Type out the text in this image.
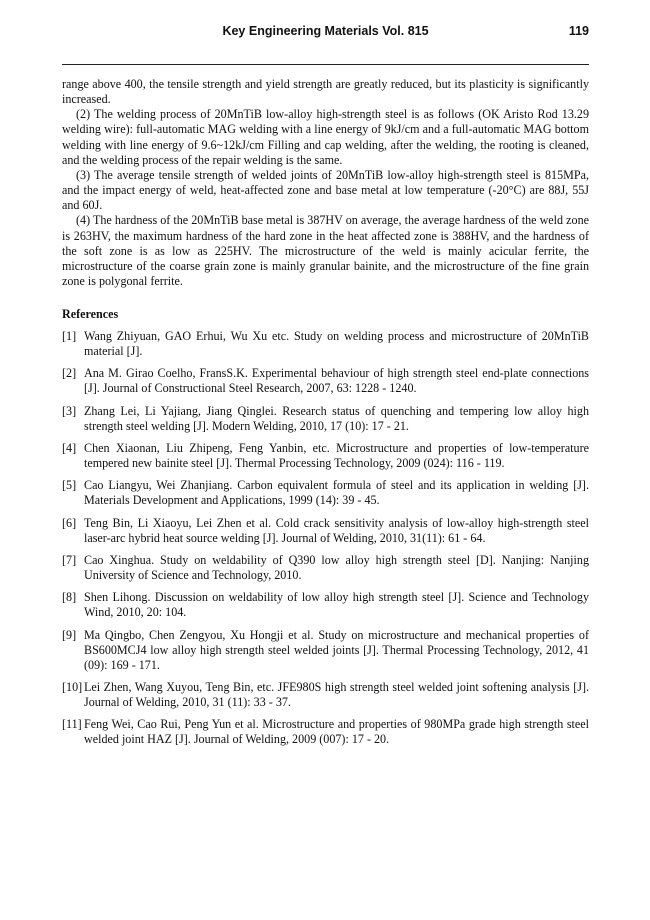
Key Engineering Materials Vol. 815	119

range above 400, the tensile strength and yield strength are greatly reduced, but its plasticity is significantly increased.

(2) The welding process of 20MnTiB low-alloy high-strength steel is as follows (OK Aristo Rod 13.29 welding wire): full-automatic MAG welding with a line energy of 9kJ/cm and a full-automatic MAG bottom welding with line energy of 9.6~12kJ/cm Filling and cap welding, after the welding, the rooting is cleaned, and the welding process of the repair welding is the same.

(3) The average tensile strength of welded joints of 20MnTiB low-alloy high-strength steel is 815MPa, and the impact energy of weld, heat-affected zone and base metal at low temperature (-20°C) are 88J, 55J and 60J.

(4) The hardness of the 20MnTiB base metal is 387HV on average, the average hardness of the weld zone is 263HV, the maximum hardness of the hard zone in the heat affected zone is 388HV, and the hardness of the soft zone is as low as 225HV. The microstructure of the weld is mainly acicular ferrite, the microstructure of the coarse grain zone is mainly granular bainite, and the microstructure of the fine grain zone is polygonal ferrite.

References
[1] Wang Zhiyuan, GAO Erhui, Wu Xu etc. Study on welding process and microstructure of 20MnTiB material [J].
[2] Ana M. Girao Coelho, FransS.K. Experimental behaviour of high strength steel end-plate connections [J]. Journal of Constructional Steel Research, 2007, 63: 1228 - 1240.
[3] Zhang Lei, Li Yajiang, Jiang Qinglei. Research status of quenching and tempering low alloy high strength steel welding [J]. Modern Welding, 2010, 17 (10): 17 - 21.
[4] Chen Xiaonan, Liu Zhipeng, Feng Yanbin, etc. Microstructure and properties of low-temperature tempered new bainite steel [J]. Thermal Processing Technology, 2009 (024): 116 - 119.
[5] Cao Liangyu, Wei Zhanjiang. Carbon equivalent formula of steel and its application in welding [J]. Materials Development and Applications, 1999 (14): 39 - 45.
[6] Teng Bin, Li Xiaoyu, Lei Zhen et al. Cold crack sensitivity analysis of low-alloy high-strength steel laser-arc hybrid heat source welding [J]. Journal of Welding, 2010, 31(11): 61 - 64.
[7] Cao Xinghua. Study on weldability of Q390 low alloy high strength steel [D]. Nanjing: Nanjing University of Science and Technology, 2010.
[8] Shen Lihong. Discussion on weldability of low alloy high strength steel [J]. Science and Technology Wind, 2010, 20: 104.
[9] Ma Qingbo, Chen Zengyou, Xu Hongji et al. Study on microstructure and mechanical properties of BS600MCJ4 low alloy high strength steel welded joints [J]. Thermal Processing Technology, 2012, 41 (09): 169 - 171.
[10] Lei Zhen, Wang Xuyou, Teng Bin, etc. JFE980S high strength steel welded joint softening analysis [J]. Journal of Welding, 2010, 31 (11): 33 - 37.
[11] Feng Wei, Cao Rui, Peng Yun et al. Microstructure and properties of 980MPa grade high strength steel welded joint HAZ [J]. Journal of Welding, 2009 (007): 17 - 20.
